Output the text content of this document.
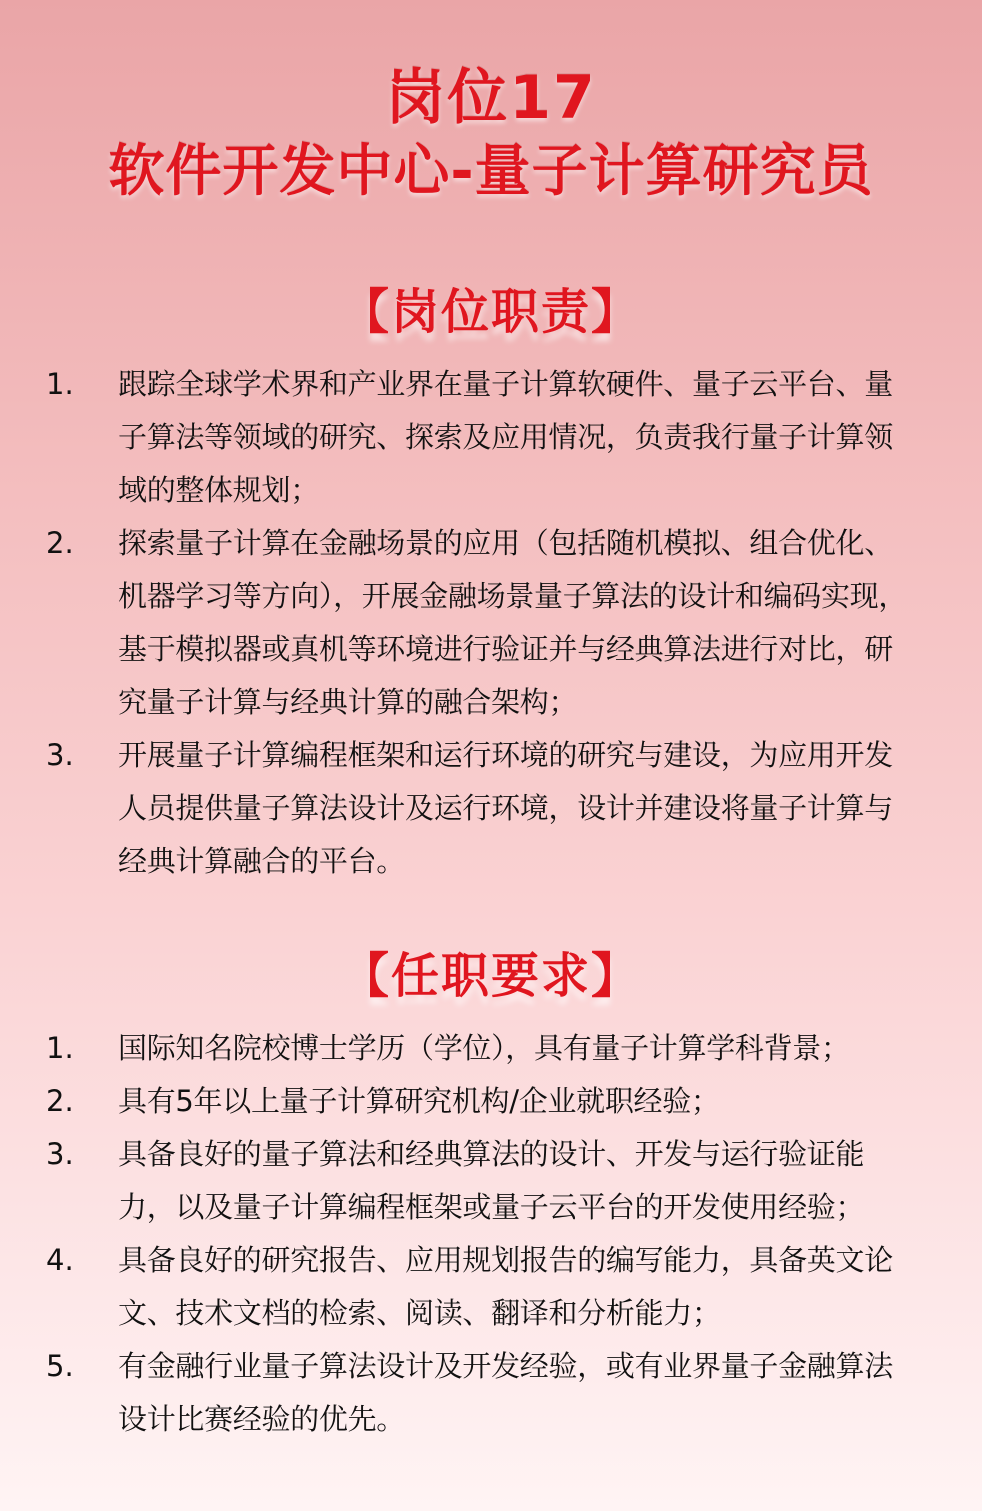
岗位17
软件开发中心-量子计算研究员
【岗位职责】
1.	跟踪全球学术界和产业界在量子计算软硬件、量子云平台、量子算法等领域的研究、探索及应用情况，负责我行量子计算领域的整体规划；
2.	探索量子计算在金融场景的应用（包括随机模拟、组合优化、机器学习等方向），开展金融场景量子算法的设计和编码实现，基于模拟器或真机等环境进行验证并与经典算法进行对比，研究量子计算与经典计算的融合架构；
3.	开展量子计算编程框架和运行环境的研究与建设，为应用开发人员提供量子算法设计及运行环境，设计并建设将量子计算与经典计算融合的平台。
【任职要求】
1.	国际知名院校博士学历（学位），具有量子计算学科背景；
2.	具有5年以上量子计算研究机构/企业就职经验；
3.	具备良好的量子算法和经典算法的设计、开发与运行验证能力，以及量子计算编程框架或量子云平台的开发使用经验；
4.	具备良好的研究报告、应用规划报告的编写能力，具备英文论文、技术文档的检索、阅读、翻译和分析能力；
5.	有金融行业量子算法设计及开发经验，或有业界量子金融算法设计比赛经验的优先。
